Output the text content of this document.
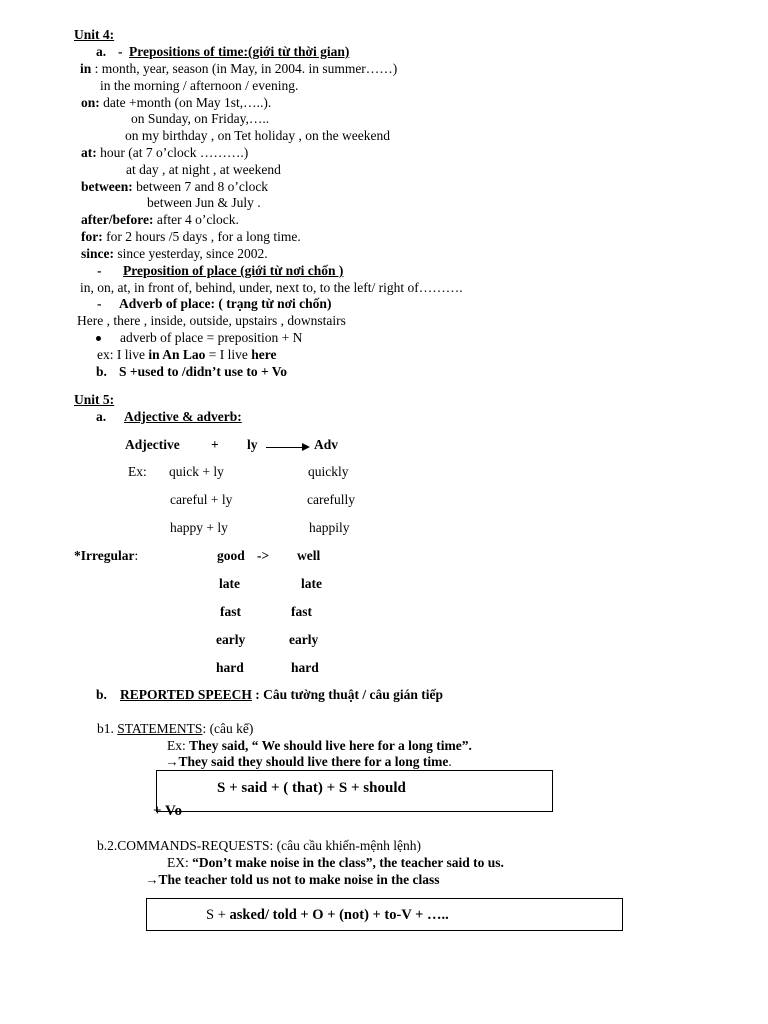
Unit 4:
a. - Prepositions of time:(giới từ thời gian)
in : month, year, season (in May, in 2004. in summer……)
in the morning / afternoon / evening.
on: date +month (on May 1st,…..).
on Sunday, on Friday,…..
on my birthday , on Tet holiday , on the weekend
at: hour (at 7 o’clock ……….)
at day , at night , at weekend
between: between 7 and 8 o’clock
between Jun & July .
after/before: after 4 o’clock.
for: for 2 hours /5 days , for a long time.
since: since yesterday, since 2002.
- Preposition of place (giới từ nơi chốn )
in, on, at, in front of, behind, under, next to, to the left/ right of……….
- Adverb of place: ( trạng từ nơi chốn)
Here , there , inside, outside, upstairs , downstairs
adverb of place = preposition + N
ex: I live in An Lao = I live here
b. S +used to /didn’t use to + Vo
Unit 5:
a. Adjective & adverb:
Adjective + ly	Adv
Ex: quick + ly	quickly
careful + ly	carefully
happy + ly	happily
*Irregular:	good -> well
late	late
fast	fast
early	early
hard	hard
b. REPORTED SPEECH : Câu tường thuật / câu gián tiếp
b1. STATEMENTS: (câu kể)
Ex: They said, “ We should live here for a long time”.
→They said they should live there for a long time.
S + said + ( that) + S + should
+ Vo
b.2.COMMANDS-REQUESTS: (câu cầu khiến-mệnh lệnh)
EX: “Don’t make noise in the class”, the teacher said to us.
→The teacher told us not to make noise in the class
S + asked/ told + O + (not) + to-V + …..
